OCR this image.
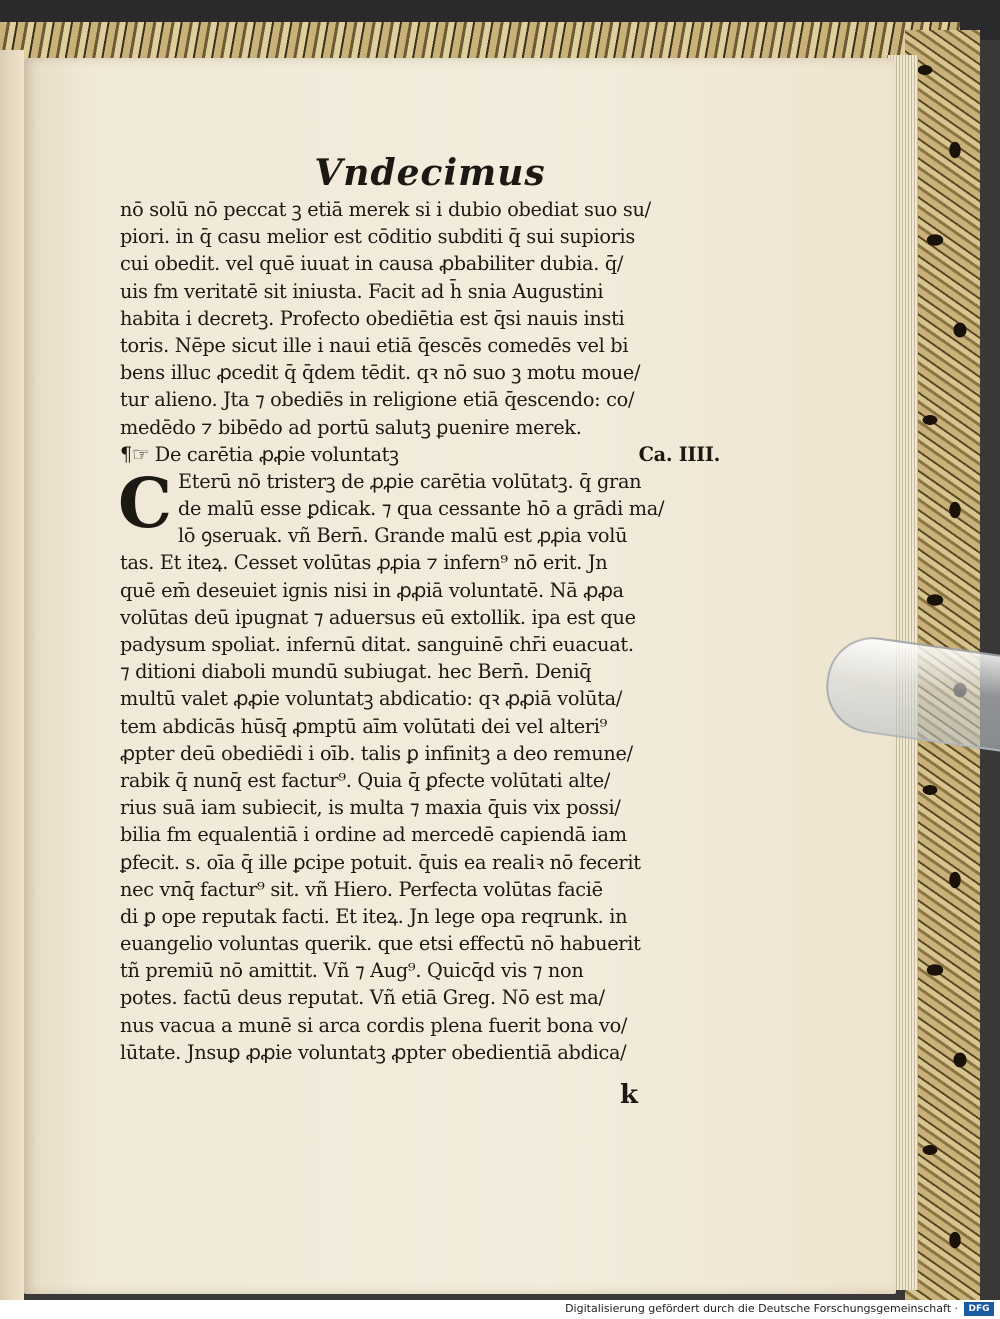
Vndecimus
nō solū nō peccat ꝫ etiā merek si i dubio obediat suo su/
piori. in q̄ casu melior est cōditio subditi q̄ sui supioris
cui obedit. vel quē iuuat in causa ꝓbabiliter dubia. q̄/
uis fm veritatē sit iniusta. Facit ad h̄ snia Augustini
habita i decretꝫ. Profecto obediētia est q̄si nauis insti
toris. Nēpe sicut ille i naui etiā q̄escēs comedēs vel bi
bens illuc ꝓcedit q̄ q̄dem tēdit. qꝛ nō suo ꝫ motu moue/
tur alieno. Jta ⁊ obediēs in religione etiā q̄escendo: co/
medēdo ⁊ bibēdo ad portū salutꝫ ꝑuenire merek.
¶☞ De carētia ꝓꝓie voluntatꝫ	Ca. IIII.
C Eterū nō tristerꝫ de ꝓꝓie carētia volūtatꝫ. q̄ gran
de malū esse ꝑdicak. ⁊ qua cessante hō a grādi ma/
lō ꝯseruak. vñ Bern̄. Grande malū est ꝓꝓia volū
tas. Et iteꝝ. Cesset volūtas ꝓꝓia ⁊ infern⁹ nō erit. Jn
quē em̄ deseuiet ignis nisi in ꝓꝓiā voluntatē. Nā ꝓꝓa
volūtas deū ipugnat ⁊ aduersus eū extollik. ipa est que
padysum spoliat. infernū ditat. sanguinē chr̄i euacuat.
⁊ ditioni diaboli mundū subiugat. hec Bern̄. Deniq̄
multū valet ꝓꝓie voluntatꝫ abdicatio: qꝛ ꝓꝓiā volūta/
tem abdicās hūsq̄ ꝓmptū aīm volūtati dei vel alteri⁹
ꝓpter deū obediēdi i oīb. talis ꝑ infinitꝫ a deo remune/
rabik q̄ nunq̄ est factur⁹. Quia q̄ ꝑfecte volūtati alte/
rius suā iam subiecit, is multa ⁊ maxia q̄uis vix possi/
bilia fm equalentiā i ordine ad mercedē capiendā iam
ꝑfecit. s. oīa q̄ ille ꝑcipe potuit. q̄uis ea realiꝛ nō fecerit
nec vnq̄ factur⁹ sit. vñ Hiero. Perfecta volūtas faciē
di ꝑ ope reputak facti. Et iteꝝ. Jn lege opa reqrunk. in
euangelio voluntas querik. que etsi effectū nō habuerit
tñ premiū nō amittit. Vñ ⁊ Aug⁹. Quicq̄d vis ⁊ non
potes. factū deus reputat. Vñ etiā Greg. Nō est ma/
nus vacua a munē si arca cordis plena fuerit bona vo/
lūtate. Jnsuꝑ ꝓꝓie voluntatꝫ ꝓpter obedientiā abdica/
k
Digitalisierung gefördert durch die Deutsche Forschungsgemeinschaft ·	DFG
